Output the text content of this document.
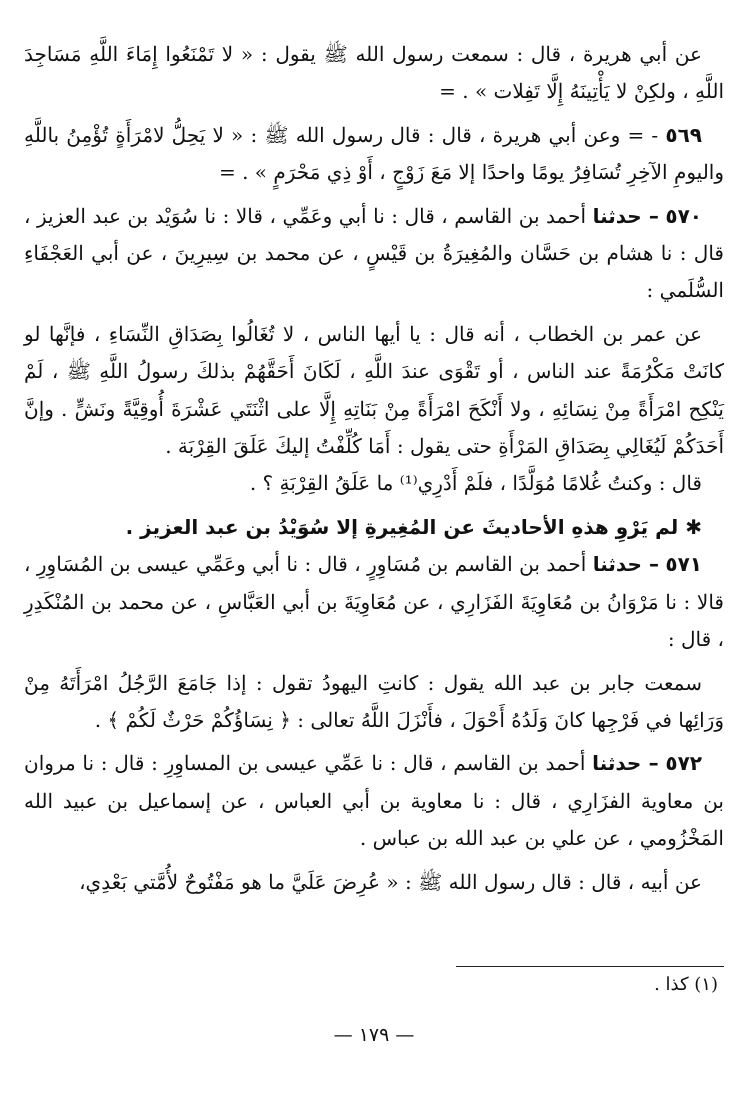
عن أبي هريرة ، قال : سمعت رسول الله ﷺ يقول : « لا تَمْنَعُوا إِمَاءَ اللَّهِ مَسَاجِدَ اللَّهِ ، ولكِنْ لا يَأْتِينَهُ إِلَّا تَفِلات » . =

٥٦٩ - = وعن أبي هريرة ، قال : قال رسول الله ﷺ : « لا يَحِلُّ لامْرَأَةٍ تُؤْمِنُ باللَّهِ واليومِ الآخِرِ تُسَافِرُ يومًا واحدًا إلا مَعَ زَوْجٍ ، أَوْ ذِي مَحْرَمٍ » . =

٥٧٠ – حدثنا أحمد بن القاسم ، قال : نا أبي وعَمِّي ، قالا : نا سُوَيْد بن عبد العزيز ، قال : نا هشام بن حَسَّان والمُغِيرَةُ بن قَيْسٍ ، عن محمد بن سِيرِينَ ، عن أبي العَجْفَاءِ السُّلَمي :

عن عمر بن الخطاب ، أنه قال : يا أيها الناس ، لا تُغَالُوا بِصَدَاقِ النِّسَاءِ ، فإنَّها لو كانَتْ مَكْرُمَةً عند الناس ، أو تَقْوَى عندَ اللَّهِ ، لَكَانَ أَحَقَّهُمْ بذلكَ رسولُ اللَّهِ ﷺ ، لَمْ يَنْكِح امْرَأَةً مِنْ نِسَائِهِ ، ولا أَنْكَحَ امْرَأَةً مِنْ بَنَاتِهِ إِلَّا على اثْنَتَي عَشْرَةَ أُوقِيَّةً ونَشٍّ . وإنَّ أَحَدَكُمْ لَيُغَالِي بِصَدَاقِ المَرْأَةِ حتى يقول : أَمَا كُلِّفْتُ إليكَ عَلَقَ القِرْبَة .

قال : وكنتُ غُلامًا مُوَلَّدًا ، فلَمْ أَدْرِي⁽¹⁾ ما عَلَقُ القِرْبَةِ ؟ .

✱ لم يَرْوِ هذهِ الأحاديثَ عن المُغِيرةِ إلا سُوَيْدُ بن عبد العزيز .

٥٧١ – حدثنا أحمد بن القاسم بن مُسَاوِرٍ ، قال : نا أبي وعَمِّي عيسى بن المُسَاوِرِ ، قالا : نا مَرْوَانُ بن مُعَاوِيَةَ الفَزَارِي ، عن مُعَاوِيَةَ بن أبي العَبَّاسِ ، عن محمد بن المُنْكَدِرِ ، قال :

سمعت جابر بن عبد الله يقول : كانتِ اليهودُ تقول : إذا جَامَعَ الرَّجُلُ امْرَأَتَهُ مِنْ وَرَائِها في فَرْجِها كانَ وَلَدُهُ أَحْوَلَ ، فأَنْزَلَ اللَّهُ تعالى : ﴿ نِسَاؤُكُمْ حَرْثٌ لَكُمْ ﴾ .

٥٧٢ – حدثنا أحمد بن القاسم ، قال : نا عَمِّي عيسى بن المساوِرِ : قال : نا مروان بن معاوية الفزَارِي ، قال : نا معاوية بن أبي العباس ، عن إسماعيل بن عبيد الله المَخْزُومي ، عن علي بن عبد الله بن عباس .

عن أبيه ، قال : قال رسول الله ﷺ : « عُرِضَ عَلَيَّ ما هو مَفْتُوحٌ لأُمَّتي بَعْدِي،

(١) كذا .
— ١٧٩ —
